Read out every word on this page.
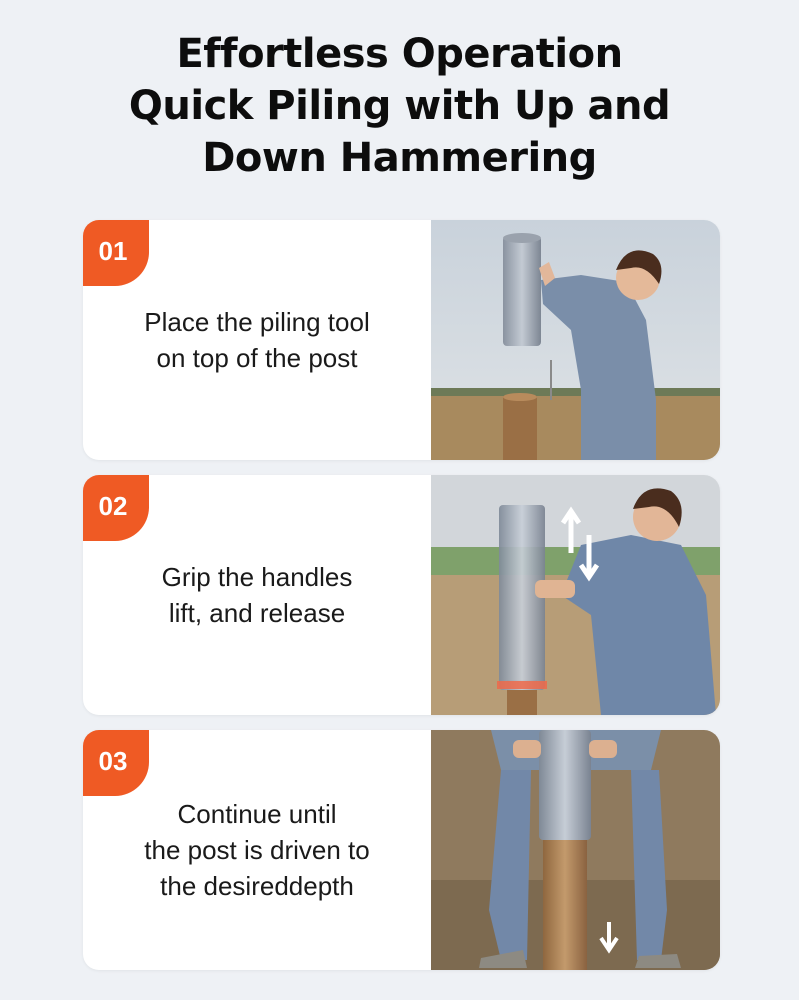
Effortless Operation
Quick Piling with Up and
Down Hammering
01
Place the piling tool
on top of the post
02
Grip the handles
lift, and release
03
Continue until
the post is driven to
the desireddepth
